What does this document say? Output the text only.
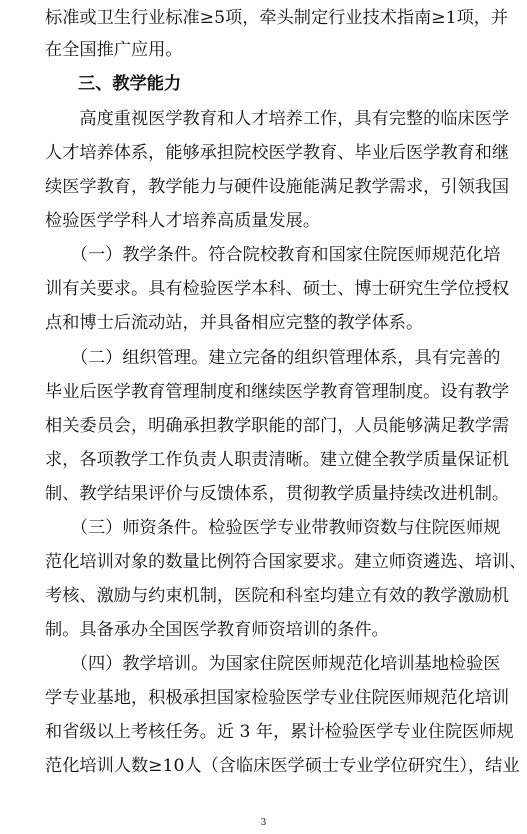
标准或卫生行业标准≥5项，牵头制定行业技术指南≥1项，并
在全国推广应用。
三、教学能力
　　高度重视医学教育和人才培养工作，具有完整的临床医学
人才培养体系，能够承担院校医学教育、毕业后医学教育和继
续医学教育，教学能力与硬件设施能满足教学需求，引领我国
检验医学学科人才培养高质量发展。
　　（一）教学条件。符合院校教育和国家住院医师规范化培
训有关要求。具有检验医学本科、硕士、博士研究生学位授权
点和博士后流动站，并具备相应完整的教学体系。
　　（二）组织管理。建立完备的组织管理体系，具有完善的
毕业后医学教育管理制度和继续医学教育管理制度。设有教学
相关委员会，明确承担教学职能的部门，人员能够满足教学需
求，各项教学工作负责人职责清晰。建立健全教学质量保证机
制、教学结果评价与反馈体系，贯彻教学质量持续改进机制。
　　（三）师资条件。检验医学专业带教师资数与住院医师规
范化培训对象的数量比例符合国家要求。建立师资遴选、培训、
考核、激励与约束机制，医院和科室均建立有效的教学激励机
制。具备承办全国医学教育师资培训的条件。
　　（四）教学培训。为国家住院医师规范化培训基地检验医
学专业基地，积极承担国家检验医学专业住院医师规范化培训
和省级以上考核任务。近 3 年，累计检验医学专业住院医师规
范化培训人数≥10人（含临床医学硕士专业学位研究生），结业
3
